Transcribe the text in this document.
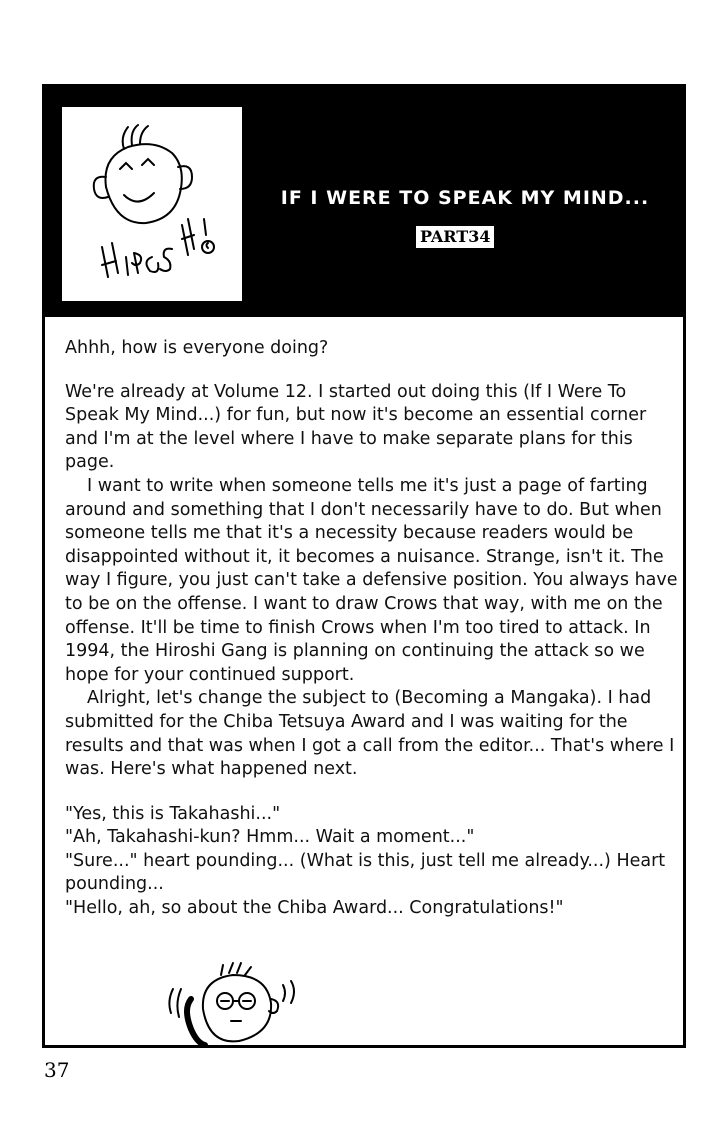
IF I WERE TO SPEAK MY MIND...
PART34

Ahhh, how is everyone doing?

We're already at Volume 12. I started out doing this (If I Were To Speak My Mind...) for fun, but now it's become an essential corner and I'm at the level where I have to make separate plans for this page.

I want to write when someone tells me it's just a page of farting around and something that I don't necessarily have to do. But when someone tells me that it's a necessity because readers would be disappointed without it, it becomes a nuisance. Strange, isn't it. The way I figure, you just can't take a defensive position. You always have to be on the offense. I want to draw Crows that way, with me on the offense. It'll be time to finish Crows when I'm too tired to attack. In 1994, the Hiroshi Gang is planning on continuing the attack so we hope for your continued support.

Alright, let's change the subject to (Becoming a Mangaka). I had submitted for the Chiba Tetsuya Award and I was waiting for the results and that was when I got a call from the editor... That's where I was. Here's what happened next.

"Yes, this is Takahashi..."
"Ah, Takahashi-kun? Hmm... Wait a moment..."
"Sure..." heart pounding... (What is this, just tell me already...) Heart pounding...
"Hello, ah, so about the Chiba Award... Congratulations!"

37
